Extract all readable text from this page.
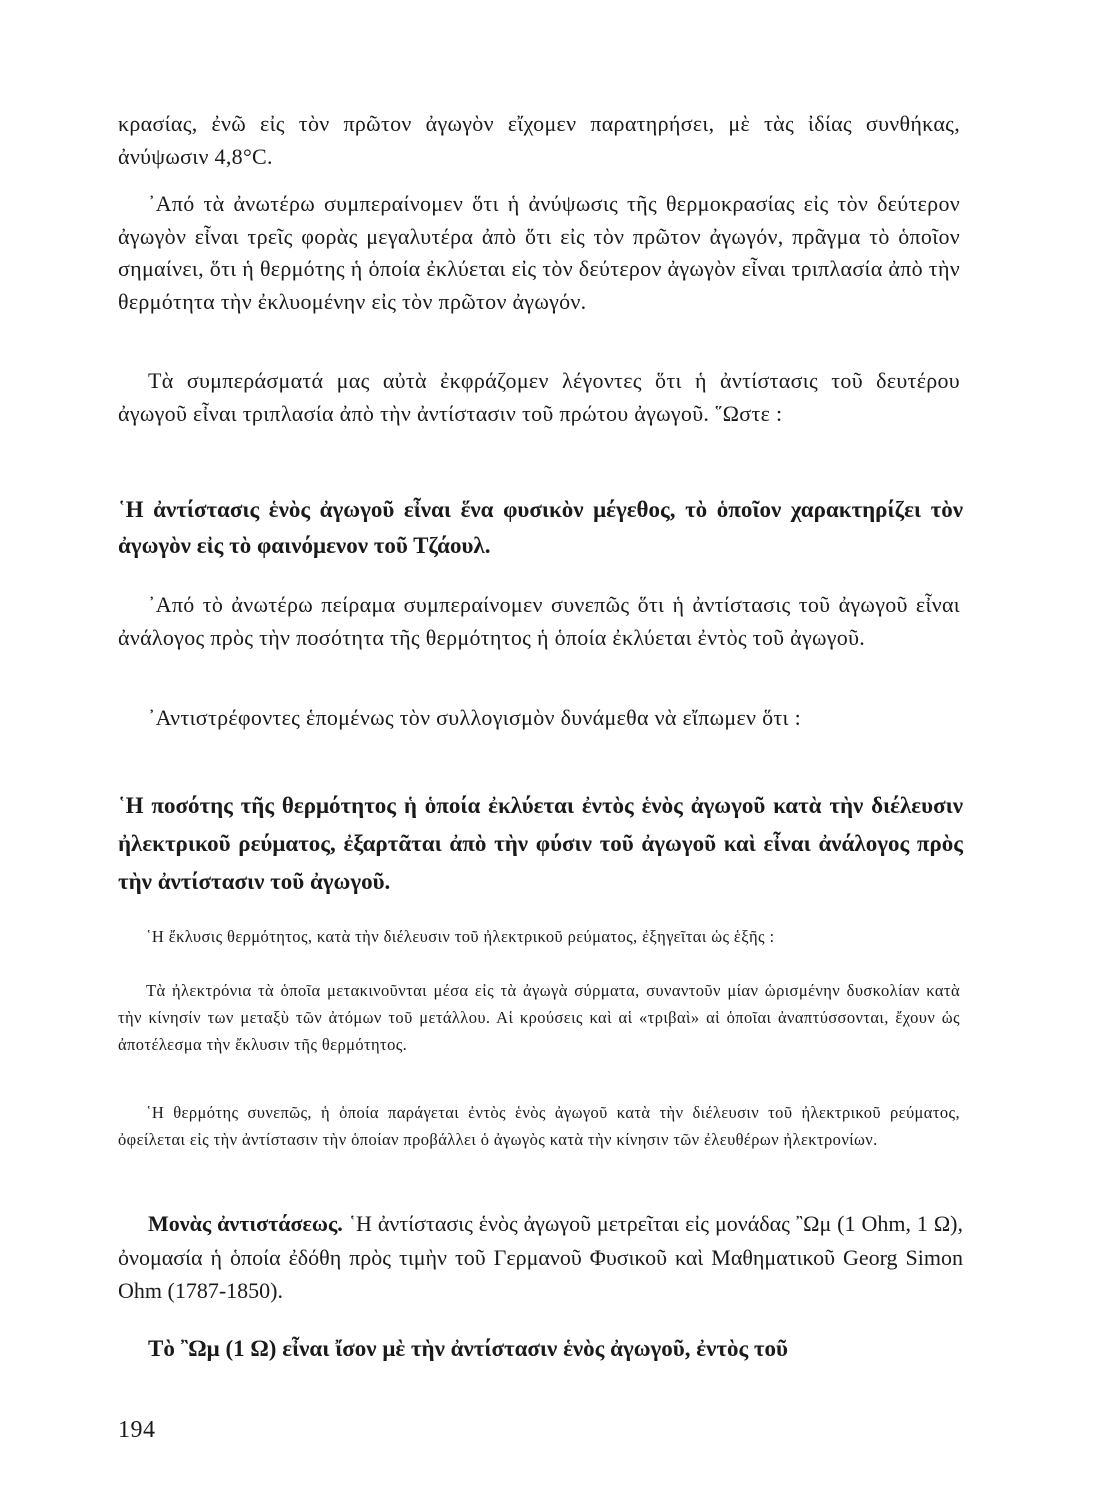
κρασίας, ἐνῶ εἰς τὸν πρῶτον ἀγωγὸν εἴχομεν παρατηρήσει, μὲ τὰς ἰδίας συνθήκας, ἀνύψωσιν 4,8°C.

᾿Από τὰ ἀνωτέρω συμπεραίνομεν ὅτι ἡ ἀνύψωσις τῆς θερμοκρασίας εἰς τὸν δεύτερον ἀγωγὸν εἶναι τρεῖς φορὰς μεγαλυτέρα ἀπὸ ὅτι εἰς τὸν πρῶτον ἀγωγόν, πρᾶγμα τὸ ὁποῖον σημαίνει, ὅτι ἡ θερμότης ἡ ὁποία ἐκλύεται εἰς τὸν δεύτερον ἀγωγὸν εἶναι τριπλασία ἀπὸ τὴν θερμότητα τὴν ἐκλυομένην εἰς τὸν πρῶτον ἀγωγόν.

Τὰ συμπεράσματά μας αὐτὰ ἐκφράζομεν λέγοντες ὅτι ἡ ἀντίστασις τοῦ δευτέρου ἀγωγοῦ εἶναι τριπλασία ἀπὸ τὴν ἀντίστασιν τοῦ πρώτου ἀγωγοῦ. ῞Ωστε :

῾Η ἀντίστασις ἑνὸς ἀγωγοῦ εἶναι ἕνα φυσικὸν μέγεθος, τὸ ὁποῖον χαρακτηρίζει τὸν ἀγωγὸν εἰς τὸ φαινόμενον τοῦ Τζάουλ.

᾿Από τὸ ἀνωτέρω πείραμα συμπεραίνομεν συνεπῶς ὅτι ἡ ἀντίστασις τοῦ ἀγωγοῦ εἶναι ἀνάλογος πρὸς τὴν ποσότητα τῆς θερμότητος ἡ ὁποία ἐκλύεται ἐντὸς τοῦ ἀγωγοῦ.

᾿Αντιστρέφοντες ἑπομένως τὸν συλλογισμὸν δυνάμεθα νὰ εἴπωμεν ὅτι :

῾Η ποσότης τῆς θερμότητος ἡ ὁποία ἐκλύεται ἐντὸς ἑνὸς ἀγωγοῦ κατὰ τὴν διέλευσιν ἠλεκτρικοῦ ρεύματος, ἐξαρτᾶται ἀπὸ τὴν φύσιν τοῦ ἀγωγοῦ καὶ εἶναι ἀνάλογος πρὸς τὴν ἀντίστασιν τοῦ ἀγωγοῦ.

῾Η ἔκλυσις θερμότητος, κατὰ τὴν διέλευσιν τοῦ ἠλεκτρικοῦ ρεύματος, ἐξηγεῖται ὡς ἑξῆς :

Τὰ ἠλεκτρόνια τὰ ὁποῖα μετακινοῦνται μέσα εἰς τὰ ἀγωγὰ σύρματα, συναντοῦν μίαν ὡρισμένην δυσκολίαν κατὰ τὴν κίνησίν των μεταξὺ τῶν ἀτόμων τοῦ μετάλλου. Αἱ κρούσεις καὶ αἱ «τριβαὶ» αἱ ὁποῖαι ἀναπτύσσονται, ἔχουν ὡς ἀποτέλεσμα τὴν ἔκλυσιν τῆς θερμότητος.

῾Η θερμότης συνεπῶς, ἡ ὁποία παράγεται ἐντὸς ἑνὸς ἀγωγοῦ κατὰ τὴν διέλευσιν τοῦ ἠλεκτρικοῦ ρεύματος, ὀφείλεται εἰς τὴν ἀντίστασιν τὴν ὁποίαν προβάλλει ὁ ἀγωγὸς κατὰ τὴν κίνησιν τῶν ἐλευθέρων ἠλεκτρονίων.

Μονὰς ἀντιστάσεως. ῾Η ἀντίστασις ἑνὸς ἀγωγοῦ μετρεῖται εἰς μονάδας ῍Ωμ (1 Ohm, 1 Ω), ὀνομασία ἡ ὁποία ἐδόθη πρὸς τιμὴν τοῦ Γερμανοῦ Φυσικοῦ καὶ Μαθηματικοῦ Georg Simon Ohm (1787-1850).

Τὸ ῍Ωμ (1 Ω) εἶναι ἴσον μὲ τὴν ἀντίστασιν ἑνὸς ἀγωγοῦ, ἐντὸς τοῦ

194
